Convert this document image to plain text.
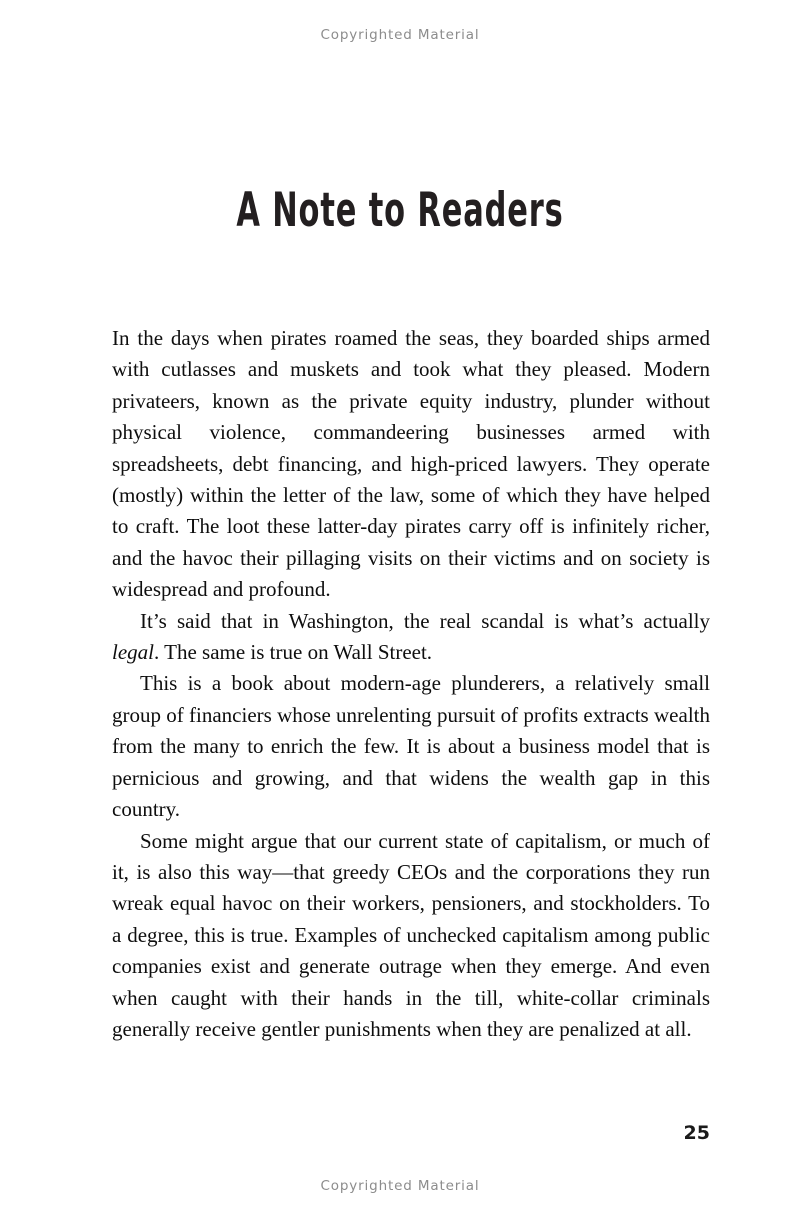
Copyrighted Material
A Note to Readers

In the days when pirates roamed the seas, they boarded ships armed with cutlasses and muskets and took what they pleased. Modern privateers, known as the private equity industry, plunder without physical violence, commandeering businesses armed with spreadsheets, debt financing, and high-priced lawyers. They operate (mostly) within the letter of the law, some of which they have helped to craft. The loot these latter-day pirates carry off is infinitely richer, and the havoc their pillaging visits on their victims and on society is widespread and profound.

It’s said that in Washington, the real scandal is what’s actually legal. The same is true on Wall Street.

This is a book about modern-age plunderers, a relatively small group of financiers whose unrelenting pursuit of profits extracts wealth from the many to enrich the few. It is about a business model that is pernicious and growing, and that widens the wealth gap in this country.

Some might argue that our current state of capitalism, or much of it, is also this way—that greedy CEOs and the corporations they run wreak equal havoc on their workers, pensioners, and stockholders. To a degree, this is true. Examples of unchecked capitalism among public companies exist and generate outrage when they emerge. And even when caught with their hands in the till, white-collar criminals generally receive gentler punishments when they are penalized at all.

25
Copyrighted Material
